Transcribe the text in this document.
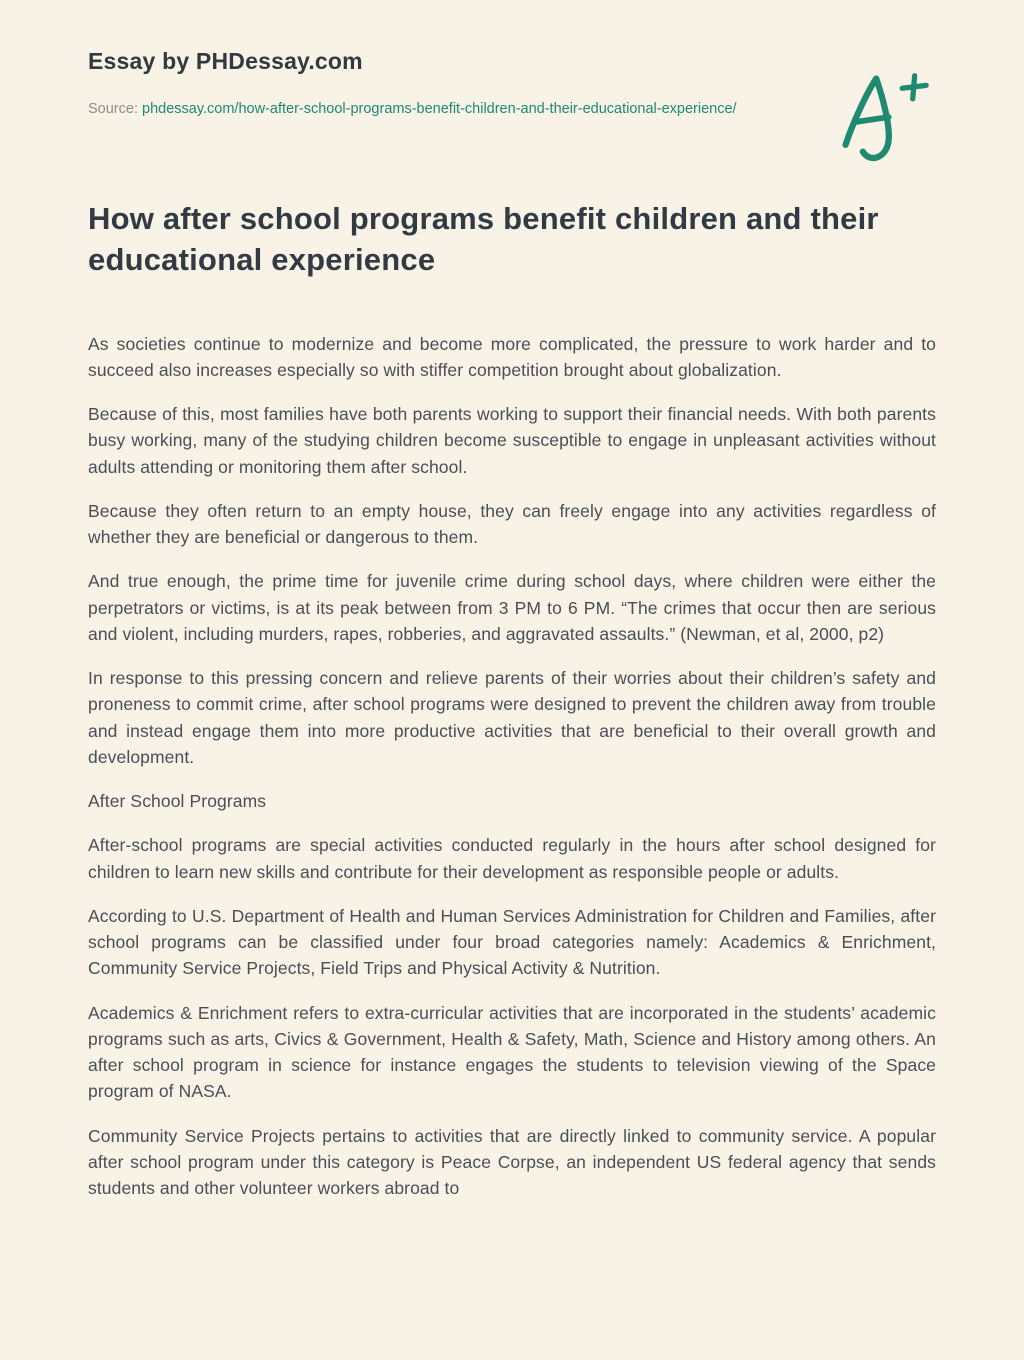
Essay by PHDessay.com
Source: phdessay.com/how-after-school-programs-benefit-children-and-their-educational-experience/
How after school programs benefit children and their educational experience

As societies continue to modernize and become more complicated, the pressure to work harder and to succeed also increases especially so with stiffer competition brought about globalization.

Because of this, most families have both parents working to support their financial needs. With both parents busy working, many of the studying children become susceptible to engage in unpleasant activities without adults attending or monitoring them after school.

Because they often return to an empty house, they can freely engage into any activities regardless of whether they are beneficial or dangerous to them.

And true enough, the prime time for juvenile crime during school days, where children were either the perpetrators or victims, is at its peak between from 3 PM to 6 PM. “The crimes that occur then are serious and violent, including murders, rapes, robberies, and aggravated assaults.” (Newman, et al, 2000, p2)

In response to this pressing concern and relieve parents of their worries about their children’s safety and proneness to commit crime, after school programs were designed to prevent the children away from trouble and instead engage them into more productive activities that are beneficial to their overall growth and development.

After School Programs

After-school programs are special activities conducted regularly in the hours after school designed for children to learn new skills and contribute for their development as responsible people or adults.

According to U.S. Department of Health and Human Services Administration for Children and Families, after school programs can be classified under four broad categories namely: Academics & Enrichment, Community Service Projects, Field Trips and Physical Activity & Nutrition.

Academics & Enrichment refers to extra-curricular activities that are incorporated in the students’ academic programs such as arts, Civics & Government, Health & Safety, Math, Science and History among others. An after school program in science for instance engages the students to television viewing of the Space program of NASA.

Community Service Projects pertains to activities that are directly linked to community service. A popular after school program under this category is Peace Corpse, an independent US federal agency that sends students and other volunteer workers abroad to
